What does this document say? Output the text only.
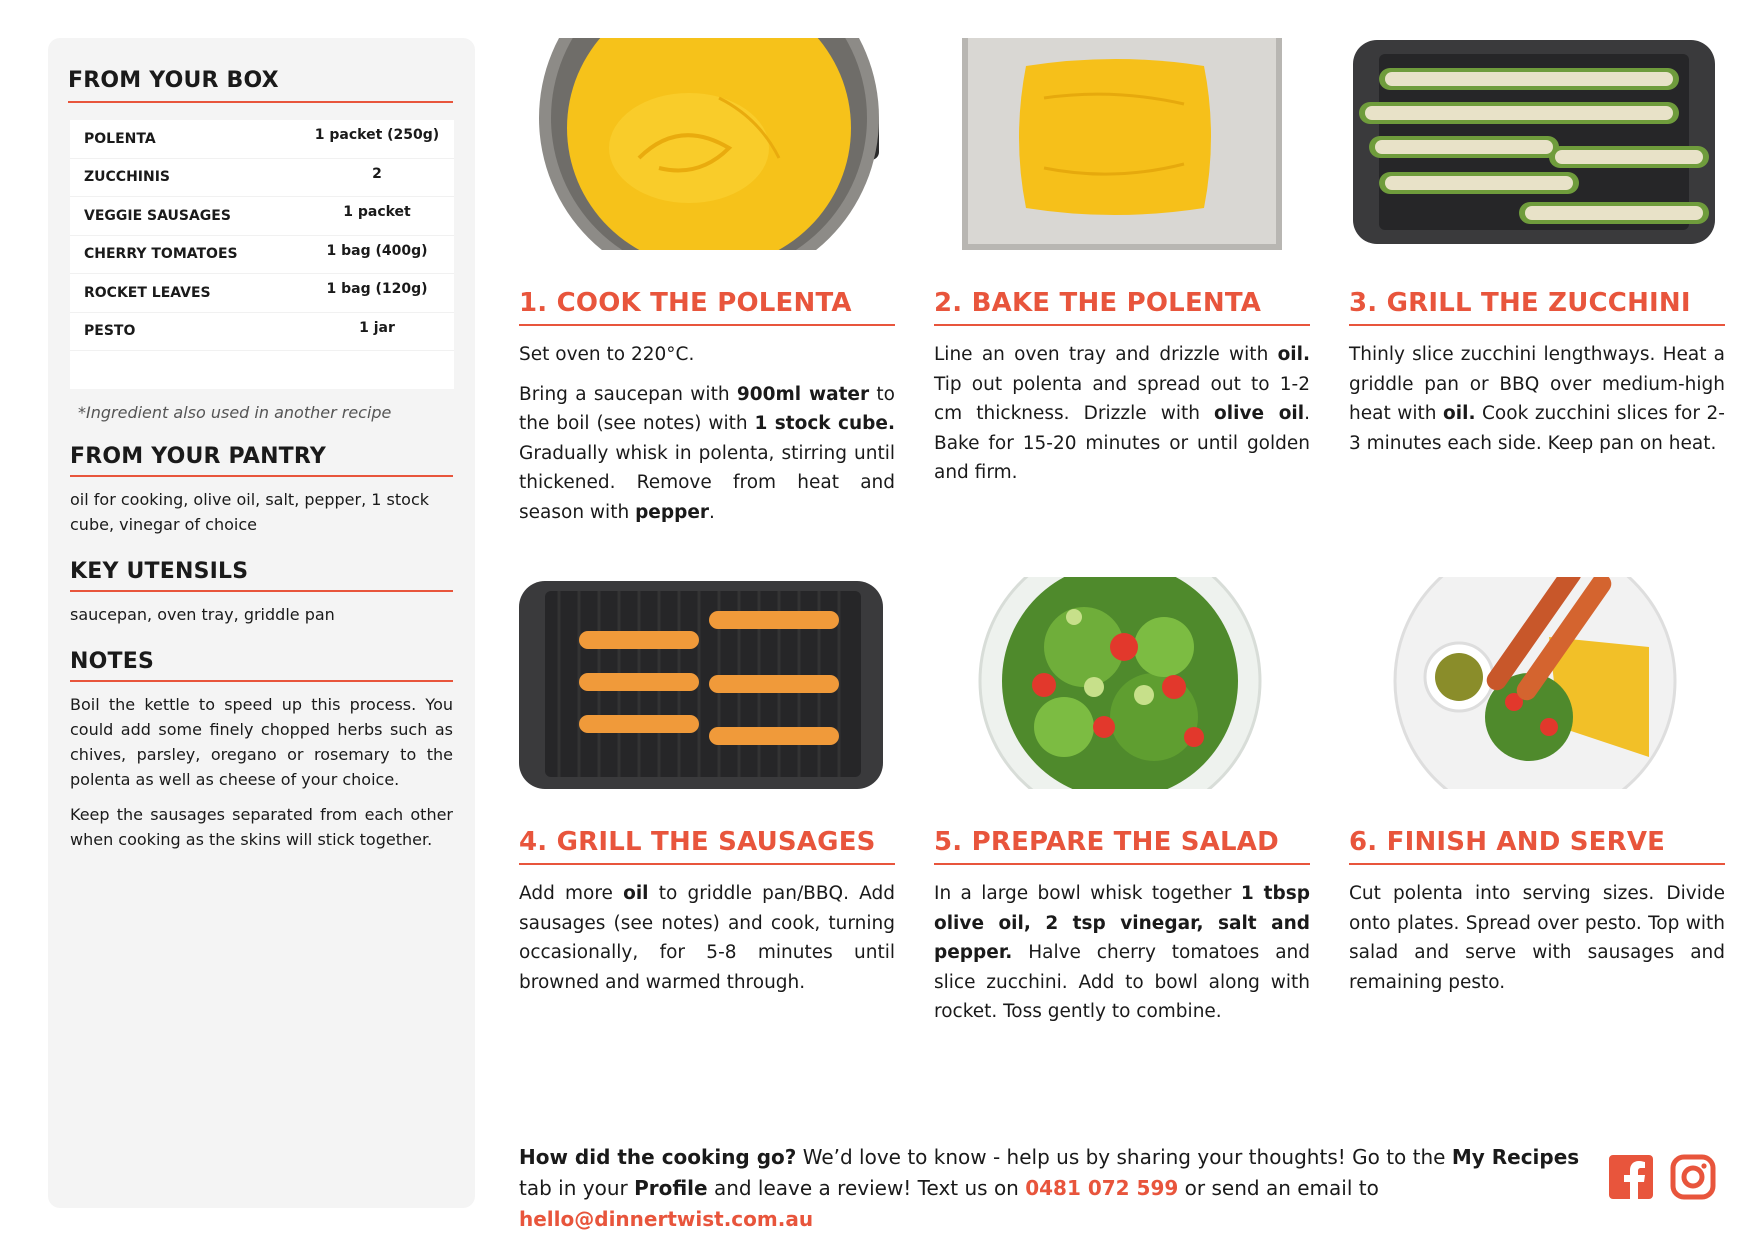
FROM YOUR BOX
POLENTA	1 packet (250g)
ZUCCHINIS	2
VEGGIE SAUSAGES	1 packet
CHERRY TOMATOES	1 bag (400g)
ROCKET LEAVES	1 bag (120g)
PESTO	1 jar
*Ingredient also used in another recipe
FROM YOUR PANTRY
oil for cooking, olive oil, salt, pepper, 1 stock cube, vinegar of choice
KEY UTENSILS
saucepan, oven tray, griddle pan
NOTES
Boil the kettle to speed up this process. You could add some finely chopped herbs such as chives, parsley, oregano or rosemary to the polenta as well as cheese of your choice.
Keep the sausages separated from each other when cooking as the skins will stick together.
1. COOK THE POLENTA

Set oven to 220°C.

Bring a saucepan with 900ml water to the boil (see notes) with 1 stock cube. Gradually whisk in polenta, stirring until thickened. Remove from heat and season with pepper.

2. BAKE THE POLENTA

Line an oven tray and drizzle with oil. Tip out polenta and spread out to 1-2 cm thickness. Drizzle with olive oil. Bake for 15-20 minutes or until golden and firm.

3. GRILL THE ZUCCHINI

Thinly slice zucchini lengthways. Heat a griddle pan or BBQ over medium-high heat with oil. Cook zucchini slices for 2-3 minutes each side. Keep pan on heat.

4. GRILL THE SAUSAGES

Add more oil to griddle pan/BBQ. Add sausages (see notes) and cook, turning occasionally, for 5-8 minutes until browned and warmed through.

5. PREPARE THE SALAD

In a large bowl whisk together 1 tbsp olive oil, 2 tsp vinegar, salt and pepper. Halve cherry tomatoes and slice zucchini. Add to bowl along with rocket. Toss gently to combine.

6. FINISH AND SERVE

Cut polenta into serving sizes. Divide onto plates. Spread over pesto. Top with salad and serve with sausages and remaining pesto.

How did the cooking go? We’d love to know - help us by sharing your thoughts! Go to the My Recipes tab in your Profile and leave a review! Text us on 0481 072 599 or send an email to hello@dinnertwist.com.au
